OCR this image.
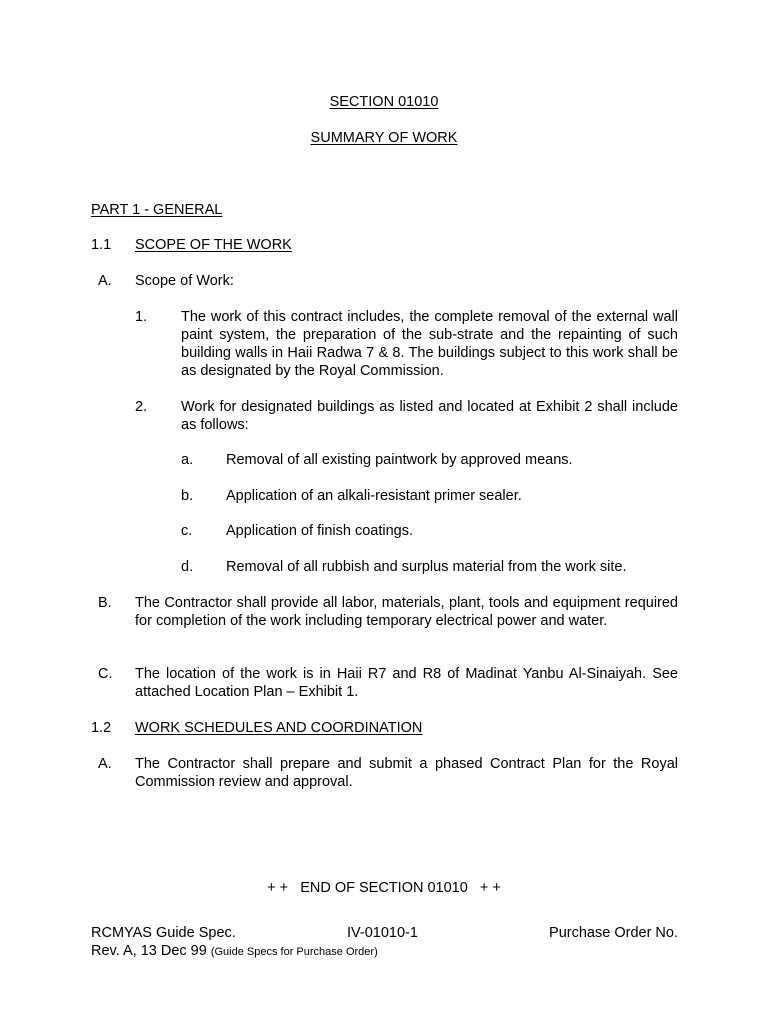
SECTION 01010

SUMMARY OF WORK

PART 1 - GENERAL

1.1 SCOPE OF THE WORK
A. Scope of Work:
1. The work of this contract includes, the complete removal of the external wall paint system, the preparation of the sub-strate and the repainting of such building walls in Haii Radwa 7 & 8. The buildings subject to this work shall be as designated by the Royal Commission.

2. Work for designated buildings as listed and located at Exhibit 2 shall include as follows:

a. Removal of all existing paintwork by approved means.
b. Application of an alkali-resistant primer sealer.
c. Application of finish coatings.
d. Removal of all rubbish and surplus material from the work site.
B. The Contractor shall provide all labor, materials, plant, tools and equipment required for completion of the work including temporary electrical power and water.

C. The location of the work is in Haii R7 and R8 of Madinat Yanbu Al-Sinaiyah. See attached Location Plan – Exhibit 1.

1.2 WORK SCHEDULES AND COORDINATION
A. The Contractor shall prepare and submit a phased Contract Plan for the Royal Commission review and approval.

+ +   END OF SECTION 01010   + +

RCMYAS Guide Spec.	IV-01010-1	Purchase Order No.

Rev. A, 13 Dec 99 (Guide Specs for Purchase Order)
